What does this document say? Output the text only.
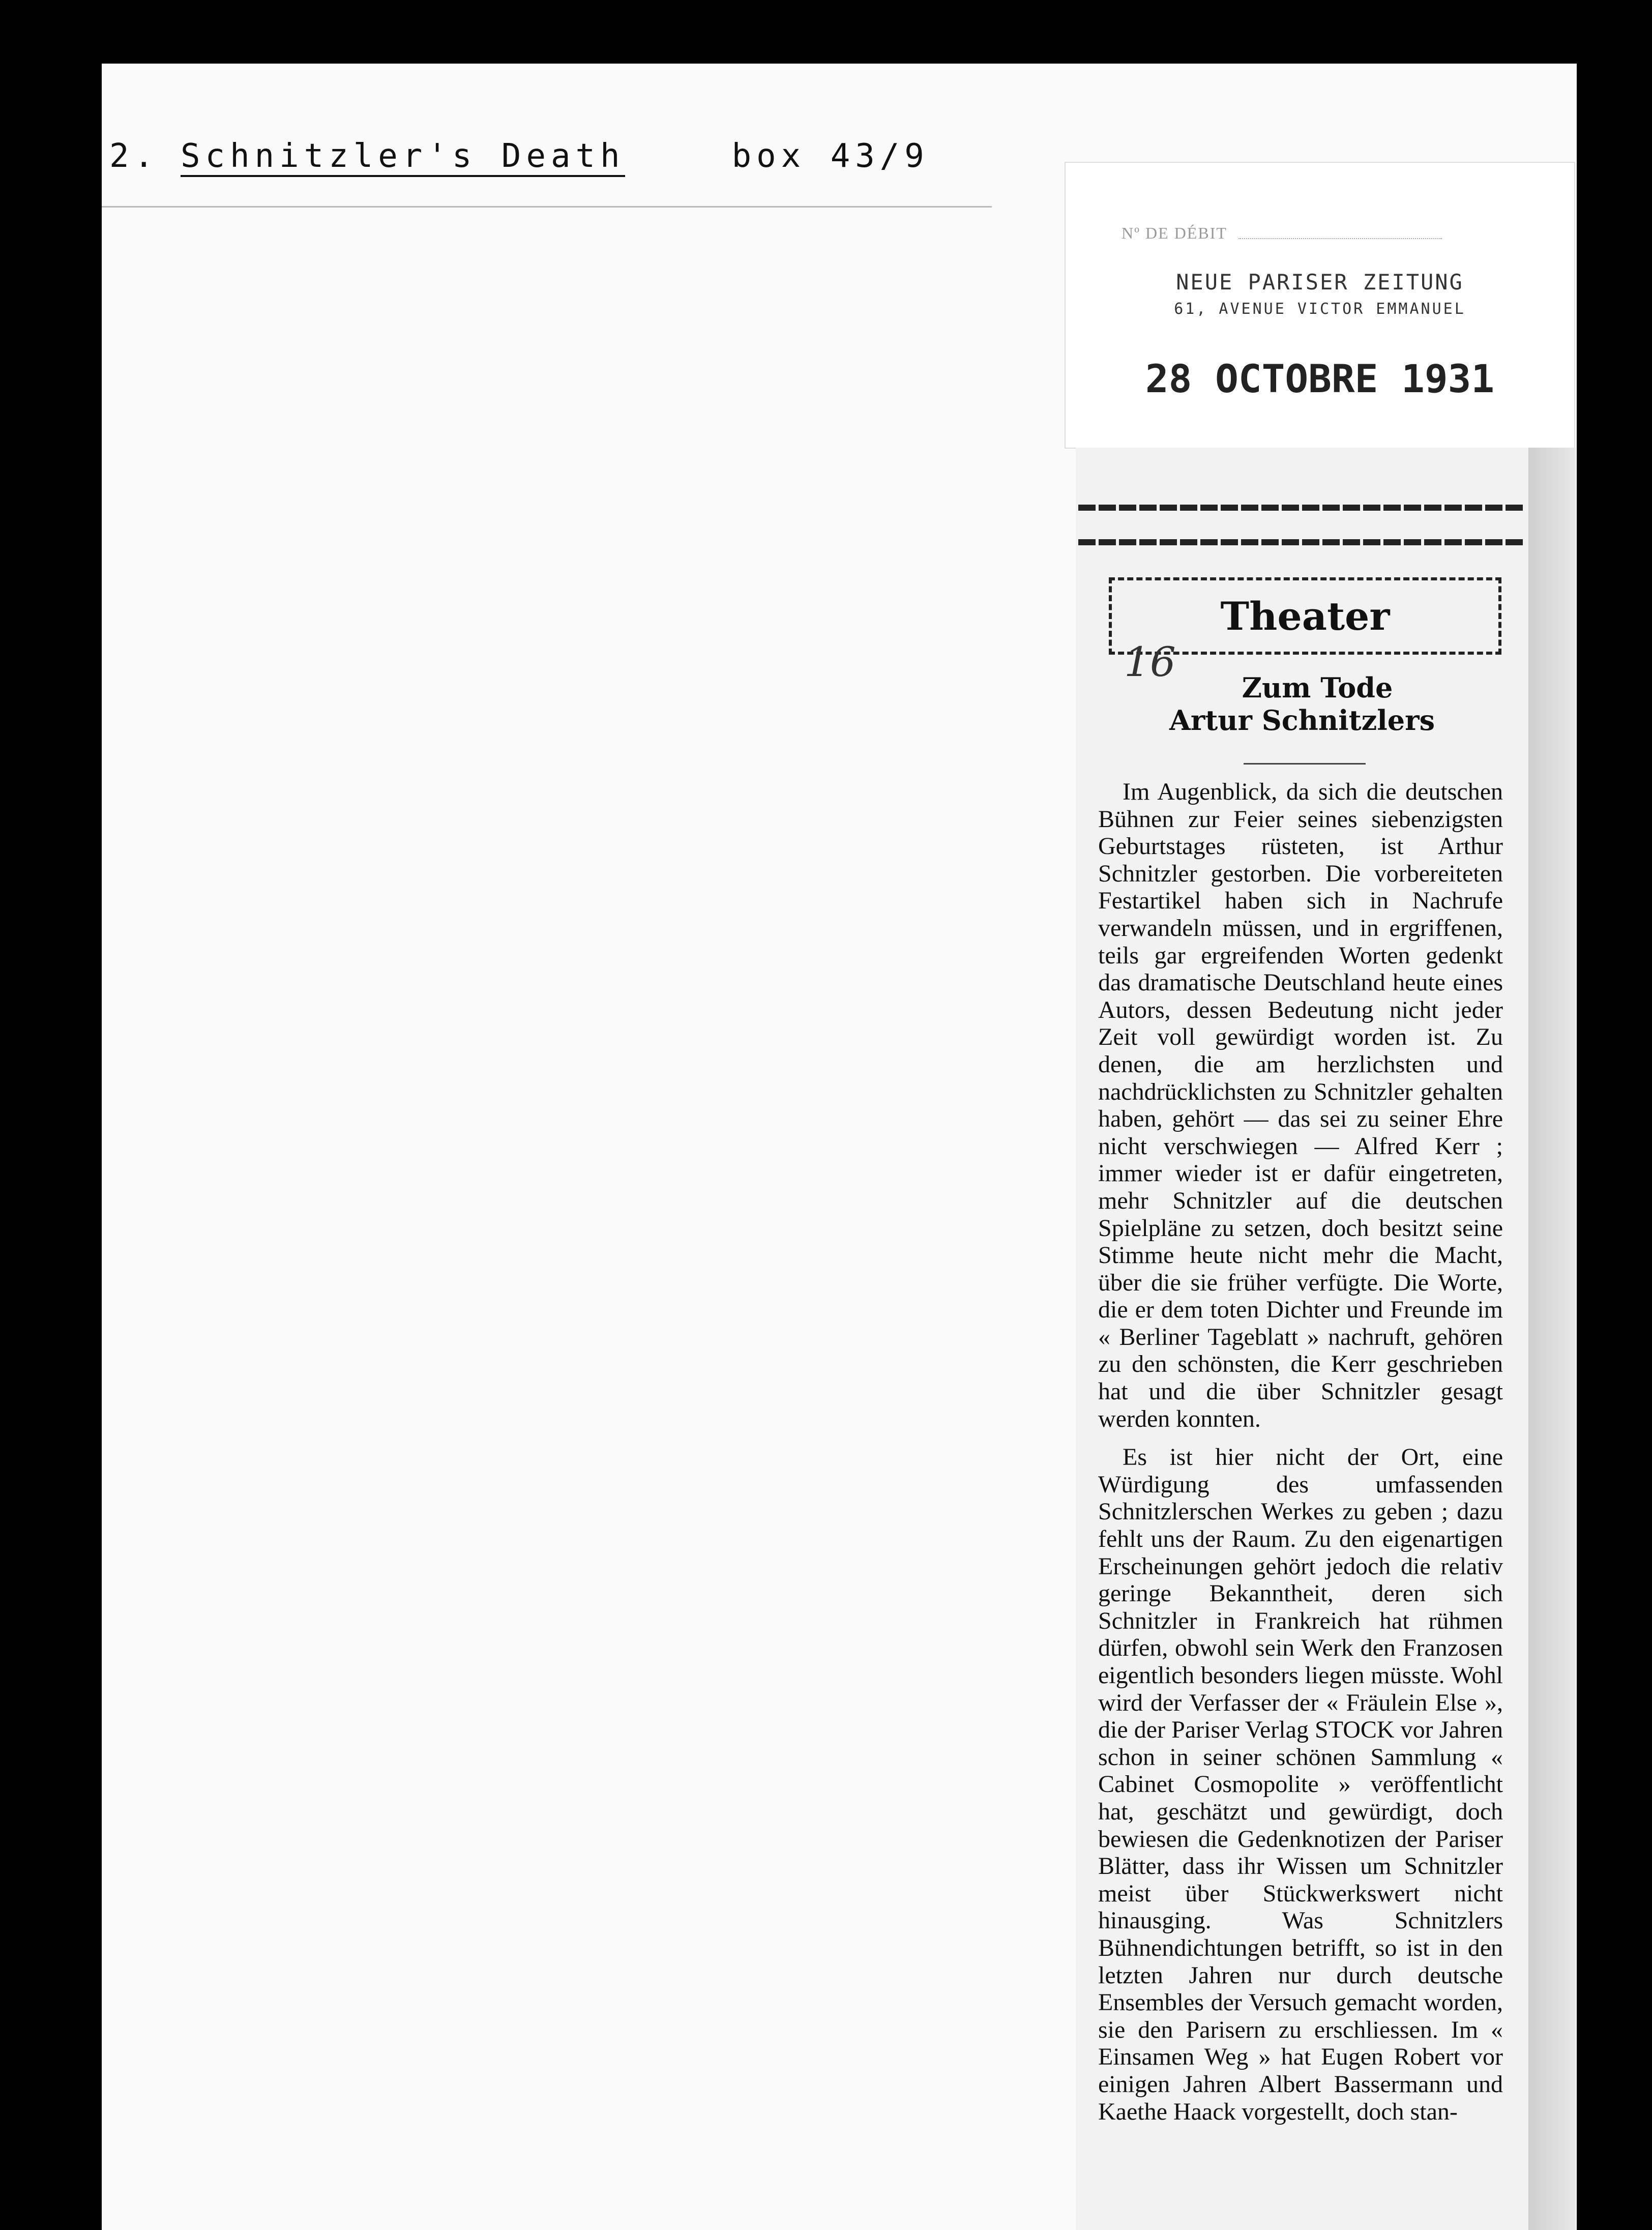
2. Schnitzler's Death	box 43/9
Nº DE DÉBIT
NEUE PARISER ZEITUNG
61, AVENUE VICTOR EMMANUEL
28 OCTOBRE 1931
Theater
16
Zum Tode
Artur Schnitzlers

Im Augenblick, da sich die deutschen Bühnen zur Feier seines siebenzigsten Geburtstages rüsteten, ist Arthur Schnitzler gestorben. Die vorbereiteten Festartikel haben sich in Nachrufe verwandeln müssen, und in ergriffenen, teils gar ergreifenden Worten gedenkt das dramatische Deutschland heute eines Autors, dessen Bedeutung nicht jeder Zeit voll gewürdigt worden ist. Zu denen, die am herzlichsten und nachdrücklichsten zu Schnitzler gehalten haben, gehört — das sei zu seiner Ehre nicht verschwiegen — Alfred Kerr ; immer wieder ist er dafür eingetreten, mehr Schnitzler auf die deutschen Spielpläne zu setzen, doch besitzt seine Stimme heute nicht mehr die Macht, über die sie früher verfügte. Die Worte, die er dem toten Dichter und Freunde im « Berliner Tageblatt » nachruft, gehören zu den schönsten, die Kerr geschrieben hat und die über Schnitzler gesagt werden konnten.

Es ist hier nicht der Ort, eine Würdigung des umfassenden Schnitzlerschen Werkes zu geben ; dazu fehlt uns der Raum. Zu den eigenartigen Erscheinungen gehört jedoch die relativ geringe Bekanntheit, deren sich Schnitzler in Frankreich hat rühmen dürfen, obwohl sein Werk den Franzosen eigentlich besonders liegen müsste. Wohl wird der Verfasser der « Fräulein Else », die der Pariser Verlag STOCK vor Jahren schon in seiner schönen Sammlung « Cabinet Cosmopolite » veröffentlicht hat, geschätzt und gewürdigt, doch bewiesen die Gedenknotizen der Pariser Blätter, dass ihr Wissen um Schnitzler meist über Stückwerkswert nicht hinausging. Was Schnitzlers Bühnendichtungen betrifft, so ist in den letzten Jahren nur durch deutsche Ensembles der Versuch gemacht worden, sie den Parisern zu erschliessen. Im « Einsamen Weg » hat Eugen Robert vor einigen Jahren Albert Bassermann und Kaethe Haack vorgestellt, doch stan-
